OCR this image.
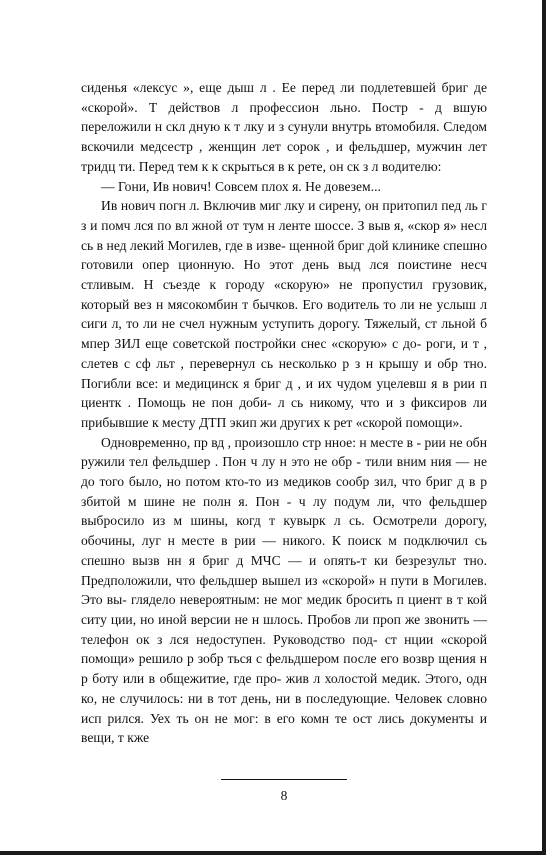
сиденья «лексус », еще дыш л . Ее перед ли подлетевшей бриг де «скорой». Т действов л профессион льно. Постр - д вшую переложили н скл дную к т лку и з сунули внутрь втомобиля. Следом вскочили медсестр , женщин лет сорок , и фельдшер, мужчин лет тридц ти. Перед тем к к скрыться в к рете, он ск з л водителю:

— Гони, Ив нович! Совсем плох я. Не довезем...

Ив нович погн л. Включив миг лку и сирену, он притопил пед ль г з и помч лся по вл жной от тум н ленте шоссе. З выв я, «скор я» несл сь в нед лекий Могилев, где в изве- щенной бриг дой клинике спешно готовили опер ционную. Но этот день выд лся поистине несч стливым. Н съезде к городу «скорую» не пропустил грузовик, который вез н мясокомбин т бычков. Его водитель то ли не услыш л сиги л, то ли не счел нужным уступить дорогу. Тяжелый, ст льной б мпер ЗИЛ еще советской постройки снес «скорую» с до- роги, и т , слетев с сф льт , перевернул сь несколько р з н крышу и обр тно. Погибли все: и медицинск я бриг д , и их чудом уцелевш я в рии п циентк . Помощь не пон доби- л сь никому, что и з фиксиров ли прибывшие к месту ДТП экип жи других к рет «скорой помощи».

Одновременно, пр вд , произошло стр нное: н месте в - рии не обн ружили тел фельдшер . Пон ч лу н это не обр - тили вним ния — не до того было, но потом кто-то из медиков сообр зил, что бриг д в р збитой м шине не полн я. Пон - ч лу подум ли, что фельдшер выбросило из м шины, когд т кувырк л сь. Осмотрели дорогу, обочины, луг н месте в рии — никого. К поиск м подключил сь спешно вызв нн я бриг д МЧС — и опять-т ки безрезульт тно. Предположили, что фельдшер вышел из «скорой» н пути в Могилев. Это вы- глядело невероятным: не мог медик бросить п циент в т кой ситу ции, но иной версии не н шлось. Пробов ли проп же звонить — телефон ок з лся недоступен. Руководство под- ст нции «скорой помощи» решило р зобр ться с фельдшером после его возвр щения н р боту или в общежитие, где про- жив л холостой медик. Этого, одн ко, не случилось: ни в тот день, ни в последующие. Человек словно исп рился. Уех ть он не мог: в его комн те ост лись документы и вещи, т кже

8
